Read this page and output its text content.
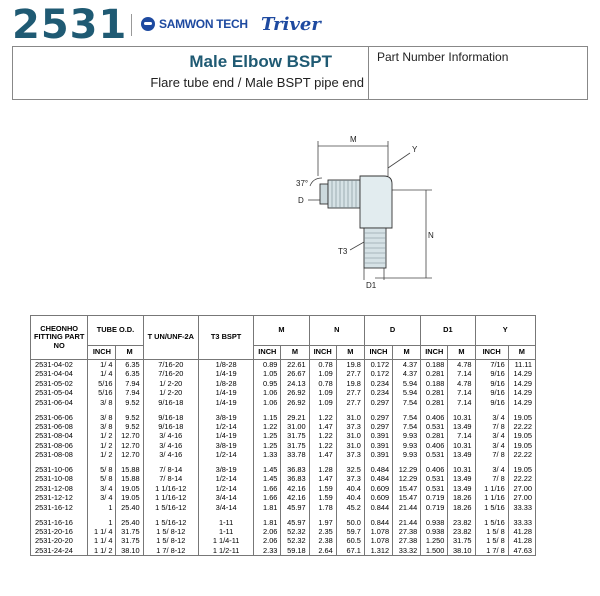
2531	SAMWON TECH Triver
Male Elbow BSPT
Flare tube end / Male BSPT pipe end
Part Number Information
M
Y
37°
D
N
T3
D1
CHEONHO FITTING PART NO	TUBE O.D.		T UN/UNF-2A	T3 BSPT	M		N		D		D1		Y	
	INCH	M			INCH	M	INCH	M	INCH	M	INCH	M	INCH	M
2531-04-02	1/ 4	6.35	7/16-20	1/8-28	0.89	22.61	0.78	19.8	0.172	4.37	0.188	4.78	7/16	11.11
2531-04-04	1/ 4	6.35	7/16-20	1/4-19	1.05	26.67	1.09	27.7	0.172	4.37	0.281	7.14	9/16	14.29
2531-05-02	5/16	7.94	1/ 2-20	1/8-28	0.95	24.13	0.78	19.8	0.234	5.94	0.188	4.78	9/16	14.29
2531-05-04	5/16	7.94	1/ 2-20	1/4-19	1.06	26.92	1.09	27.7	0.234	5.94	0.281	7.14	9/16	14.29
2531-06-04	3/ 8	9.52	9/16-18	1/4-19	1.06	26.92	1.09	27.7	0.297	7.54	0.281	7.14	9/16	14.29

2531-06-06	3/ 8	9.52	9/16-18	3/8-19	1.15	29.21	1.22	31.0	0.297	7.54	0.406	10.31	3/ 4	19.05
2531-06-08	3/ 8	9.52	9/16-18	1/2-14	1.22	31.00	1.47	37.3	0.297	7.54	0.531	13.49	7/ 8	22.22
2531-08-04	1/ 2	12.70	3/ 4-16	1/4-19	1.25	31.75	1.22	31.0	0.391	9.93	0.281	7.14	3/ 4	19.05
2531-08-06	1/ 2	12.70	3/ 4-16	3/8-19	1.25	31.75	1.22	31.0	0.391	9.93	0.406	10.31	3/ 4	19.05
2531-08-08	1/ 2	12.70	3/ 4-16	1/2-14	1.33	33.78	1.47	37.3	0.391	9.93	0.531	13.49	7/ 8	22.22

2531-10-06	5/ 8	15.88	7/ 8-14	3/8-19	1.45	36.83	1.28	32.5	0.484	12.29	0.406	10.31	3/ 4	19.05
2531-10-08	5/ 8	15.88	7/ 8-14	1/2-14	1.45	36.83	1.47	37.3	0.484	12.29	0.531	13.49	7/ 8	22.22
2531-12-08	3/ 4	19.05	1 1/16-12	1/2-14	1.66	42.16	1.59	40.4	0.609	15.47	0.531	13.49	1 1/16	27.00
2531-12-12	3/ 4	19.05	1 1/16-12	3/4-14	1.66	42.16	1.59	40.4	0.609	15.47	0.719	18.26	1 1/16	27.00
2531-16-12	1	25.40	1 5/16-12	3/4-14	1.81	45.97	1.78	45.2	0.844	21.44	0.719	18.26	1 5/16	33.33

2531-16-16	1	25.40	1 5/16-12	1-11	1.81	45.97	1.97	50.0	0.844	21.44	0.938	23.82	1 5/16	33.33
2531-20-16	1 1/ 4	31.75	1 5/ 8-12	1-11	2.06	52.32	2.35	59.7	1.078	27.38	0.938	23.82	1 5/ 8	41.28
2531-20-20	1 1/ 4	31.75	1 5/ 8-12	1 1/4-11	2.06	52.32	2.38	60.5	1.078	27.38	1.250	31.75	1 5/ 8	41.28
2531-24-24	1 1/ 2	38.10	1 7/ 8-12	1 1/2-11	2.33	59.18	2.64	67.1	1.312	33.32	1.500	38.10	1 7/ 8	47.63
